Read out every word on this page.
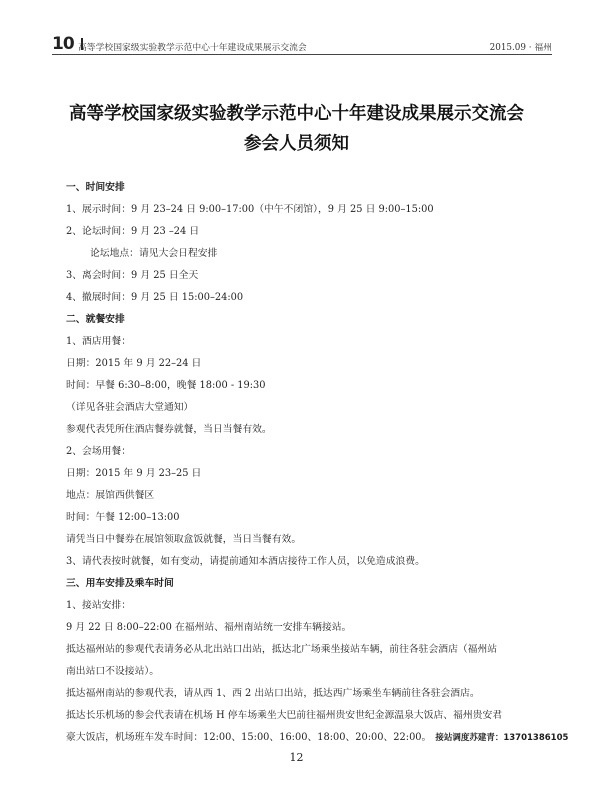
10 高等学校国家级实验教学示范中心十年建设成果展示交流会	2015.09 · 福州
高等学校国家级实验教学示范中心十年建设成果展示交流会
参会人员须知
一、时间安排
1、展示时间：9 月 23–24 日 9:00–17:00（中午不闭馆），9 月 25 日 9:00–15:00
2、论坛时间：9 月 23 –24 日
论坛地点：请见大会日程安排
3、离会时间：9 月 25 日全天
4、撤展时间：9 月 25 日 15:00–24:00
二、就餐安排
1、酒店用餐：
日期：2015 年 9 月 22–24 日
时间：早餐 6:30–8:00，晚餐 18:00 - 19:30
（详见各驻会酒店大堂通知）
参观代表凭所住酒店餐券就餐，当日当餐有效。
2、会场用餐：
日期：2015 年 9 月 23–25 日
地点：展馆西供餐区
时间：午餐 12:00–13:00
请凭当日中餐券在展馆领取盒饭就餐，当日当餐有效。
3、请代表按时就餐，如有变动，请提前通知本酒店接待工作人员，以免造成浪费。
三、用车安排及乘车时间
1、接站安排：
9 月 22 日 8:00–22:00 在福州站、福州南站统一安排车辆接站。
抵达福州站的参观代表请务必从北出站口出站，抵达北广场乘坐接站车辆，前往各驻会酒店（福州站
南出站口不设接站）。
抵达福州南站的参观代表，请从西 1、西 2 出站口出站，抵达西广场乘坐车辆前往各驻会酒店。
抵达长乐机场的参会代表请在机场 H 停车场乘坐大巴前往福州贵安世纪金源温泉大饭店、福州贵安君
豪大饭店，机场班车发车时间：12:00、15:00、16:00、18:00、20:00、22:00。 接站调度苏建青：13701386105
12
